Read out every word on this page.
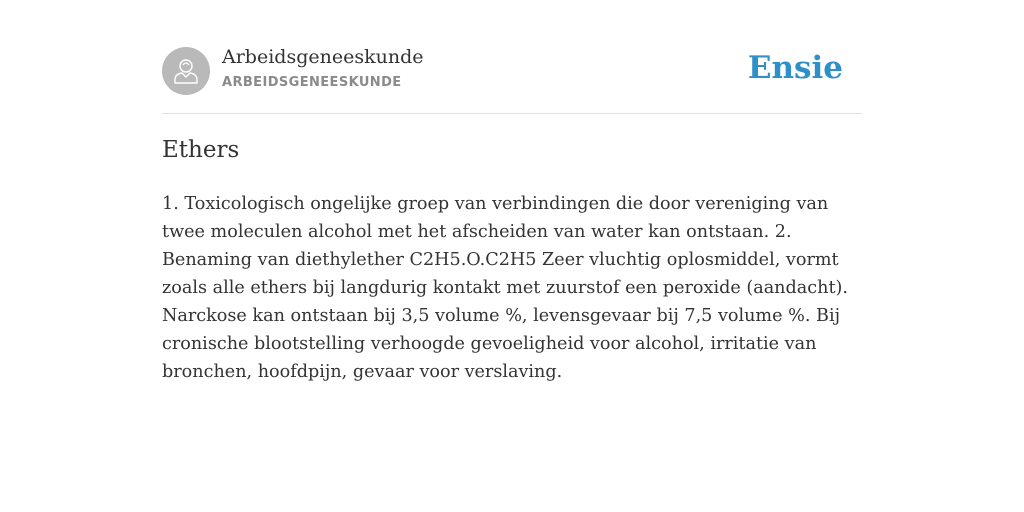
Arbeidsgeneeskunde
ARBEIDSGENEESKUNDE	Ensie
Ethers

1. Toxicologisch ongelijke groep van verbindingen die door vereniging van twee moleculen alcohol met het afscheiden van water kan ontstaan. 2. Benaming van diethylether C2H5.O.C2H5 Zeer vluchtig oplosmiddel, vormt zoals alle ethers bij langdurig kontakt met zuurstof een peroxide (aandacht). Narckose kan ontstaan bij 3,5 volume %, levensgevaar bij 7,5 volume %. Bij cronische blootstelling verhoogde gevoeligheid voor alcohol, irritatie van bronchen, hoofdpijn, gevaar voor verslaving.
